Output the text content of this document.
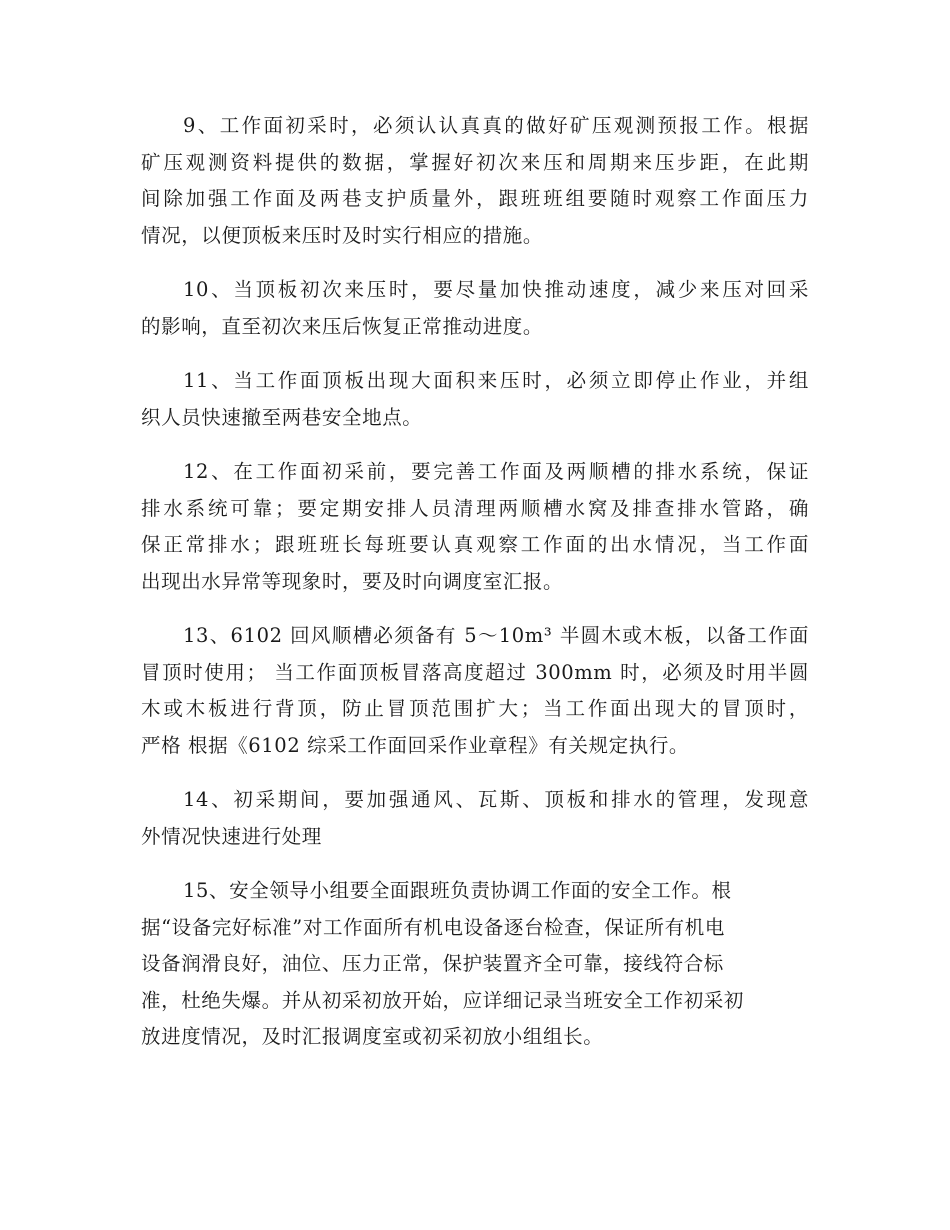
9、工作面初采时，必须认认真真的做好矿压观测预报工作。根据
矿压观测资料提供的数据，掌握好初次来压和周期来压步距，在此期
间除加强工作面及两巷支护质量外，跟班班组要随时观察工作面压力
情况，以便顶板来压时及时实行相应的措施。
10、当顶板初次来压时，要尽量加快推动速度，减少来压对回采
的影响，直至初次来压后恢复正常推动进度。
11、当工作面顶板出现大面积来压时，必须立即停止作业，并组
织人员快速撤至两巷安全地点。
12、在工作面初采前，要完善工作面及两顺槽的排水系统，保证
排水系统可靠；要定期安排人员清理两顺槽水窝及排查排水管路，确
保正常排水；跟班班长每班要认真观察工作面的出水情况，当工作面
出现出水异常等现象时，要及时向调度室汇报。
13、6102 回风顺槽必须备有 5～10m³ 半圆木或木板，以备工作面
冒顶时使用； 当工作面顶板冒落高度超过 300mm 时，必须及时用半圆
木或木板进行背顶，防止冒顶范围扩大；当工作面出现大的冒顶时，
严格 根据《6102 综采工作面回采作业章程》有关规定执行。
14、初采期间，要加强通风、瓦斯、顶板和排水的管理，发现意
外情况快速进行处理
15、安全领导小组要全面跟班负责协调工作面的安全工作。根
据“设备完好标准”对工作面所有机电设备逐台检查，保证所有机电
设备润滑良好，油位、压力正常，保护装置齐全可靠，接线符合标
准，杜绝失爆。并从初采初放开始，应详细记录当班安全工作初采初
放进度情况，及时汇报调度室或初采初放小组组长。
